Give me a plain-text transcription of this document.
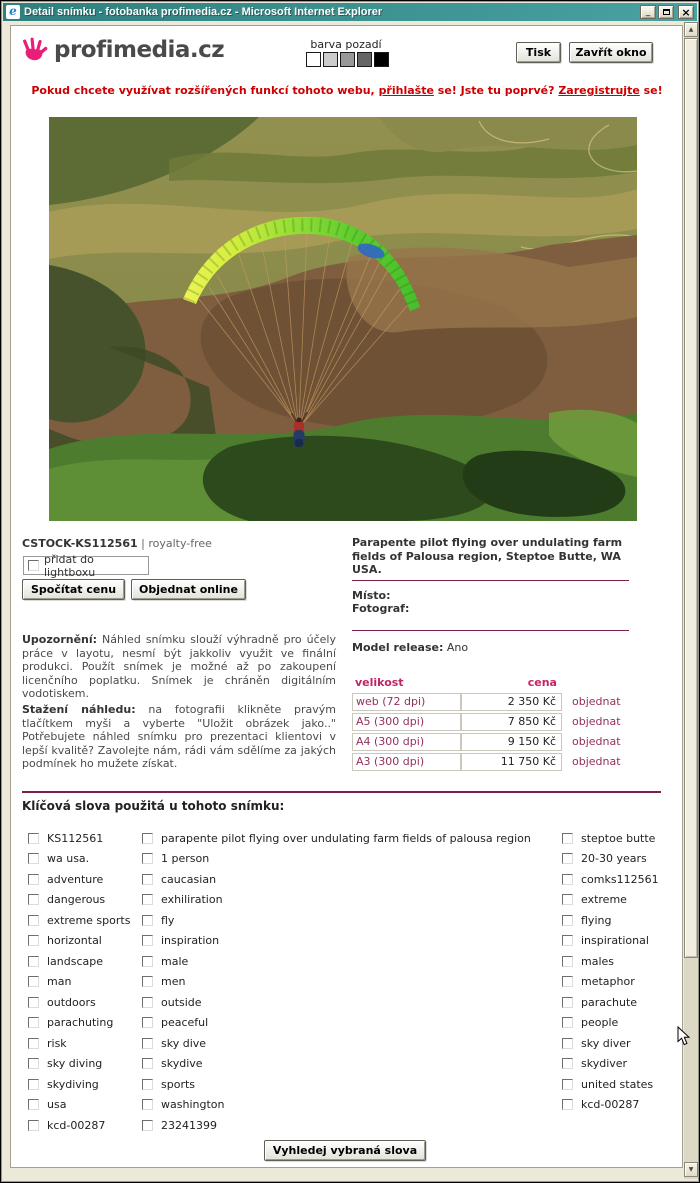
e Detail snímku - fotobanka profimedia.cz - Microsoft Internet Explorer	_	×
▲
▼
profimedia.cz	barva pozadí
Tisk	Zavřít okno
Pokud chcete využívat rozšířených funkcí tohoto webu, přihlašte se! Jste tu poprvé? Zaregistrujte se!
CSTOCK-KS112561 | royalty-free
přidat do lightboxu
Spočítat cenu	Objednat online
Upozornění: Náhled snímku slouží výhradně pro účely práce v layotu, nesmí být jakkoliv využit ve finální produkci. Použít snímek je možné až po zakoupení licenčního poplatku. Snímek je chráněn digitálním vodotiskem.
Stažení náhledu: na fotografii klikněte pravým tlačítkem myši a vyberte "Uložit obrázek jako.." Potřebujete náhled snímku pro prezentaci klientovi v lepší kvalitě? Zavolejte nám, rádi vám sdělíme za jakých podmínek ho mužete získat.
Parapente pilot flying over undulating farm fields of Palousa region, Steptoe Butte, WA USA.
Místo:
Fotograf:
Model release: Ano
velikost	cena
web (72 dpi)	2 350 Kč	objednat
A5 (300 dpi)	7 850 Kč	objednat
A4 (300 dpi)	9 150 Kč	objednat
A3 (300 dpi)	11 750 Kč	objednat
Klíčová slova použitá u tohoto snímku:
KS112561
wa usa.
adventure
dangerous
extreme sports
horizontal
landscape
man
outdoors
parachuting
risk
sky diving
skydiving
usa
kcd-00287
parapente pilot flying over undulating farm fields of palousa region
1 person
caucasian
exhiliration
fly
inspiration
male
men
outside
peaceful
sky dive
skydive
sports
washington
23241399
steptoe butte
20-30 years
comks112561
extreme
flying
inspirational
males
metaphor
parachute
people
sky diver
skydiver
united states
kcd-00287
Vyhledej vybraná slova
